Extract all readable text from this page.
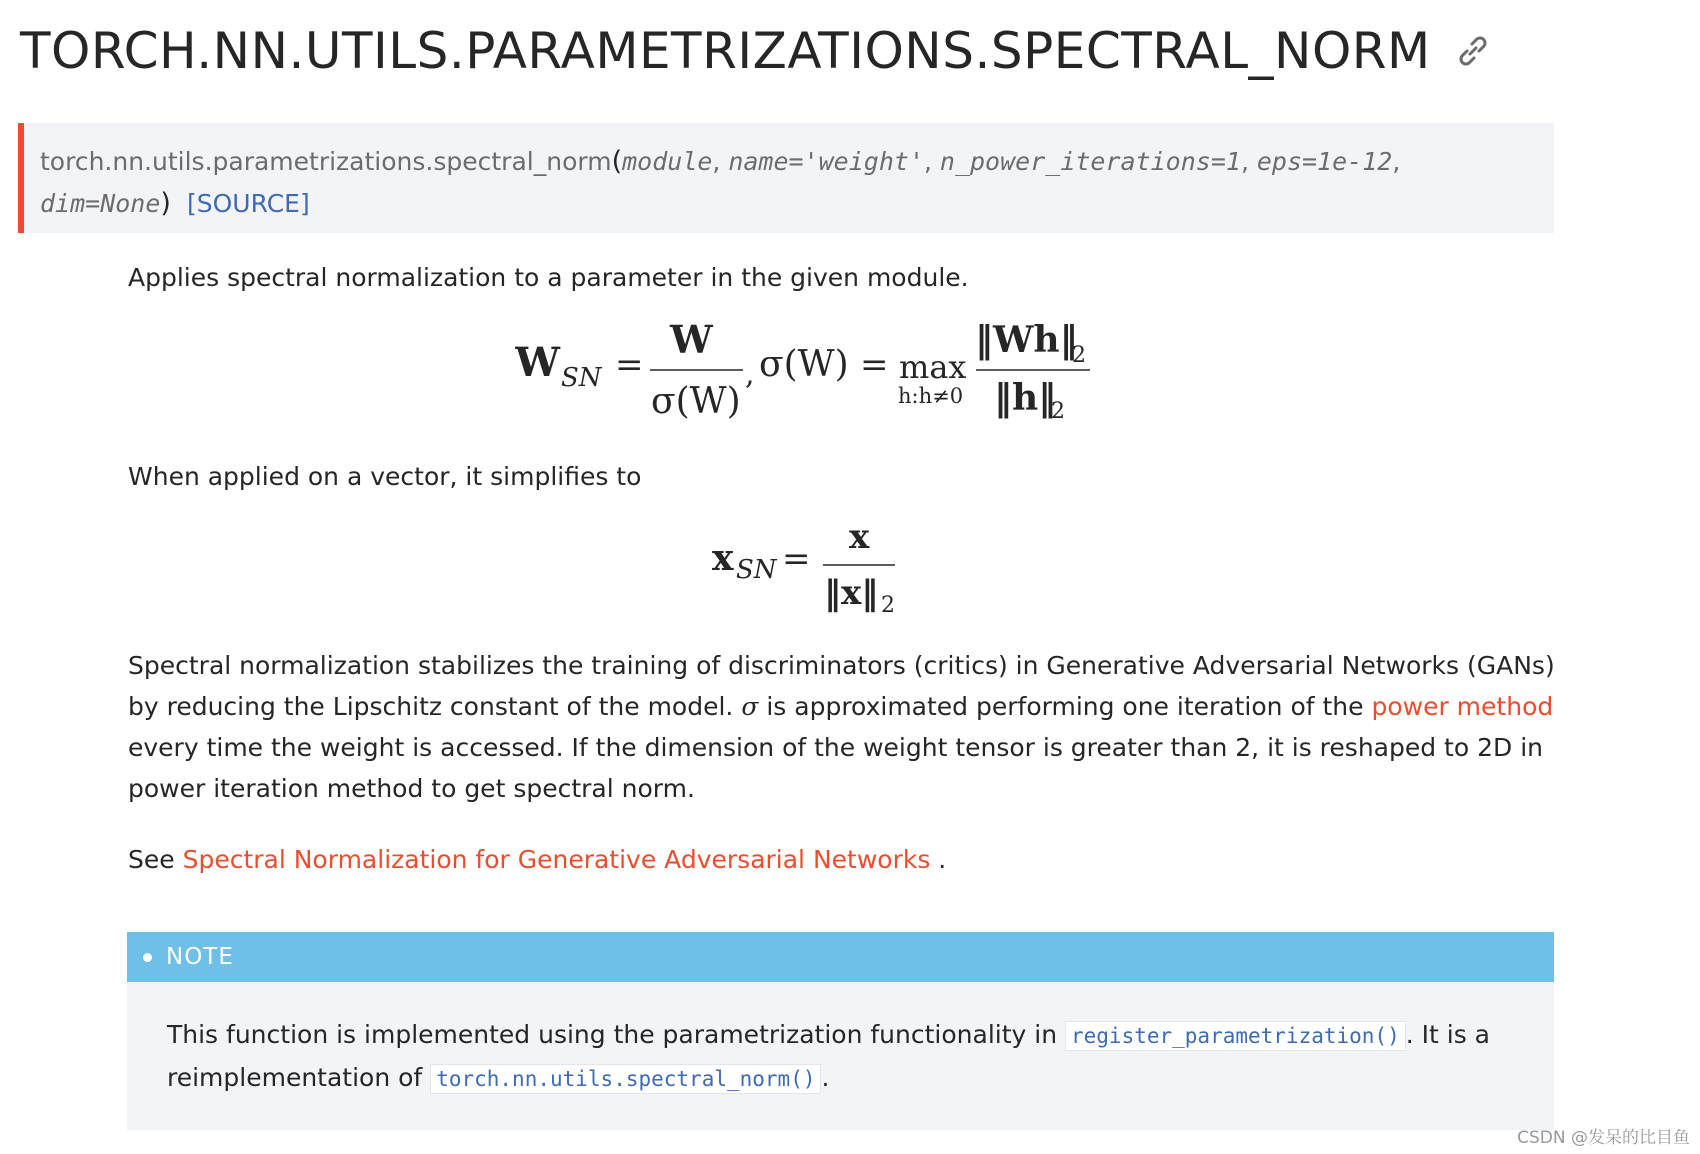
TORCH.NN.UTILS.PARAMETRIZATIONS.SPECTRAL_NORM
torch.nn.utils.parametrizations.spectral_norm(module, name='weight', n_power_iterations=1, eps=1e-12,
dim=None) [SOURCE]

Applies spectral normalization to a parameter in the given module.

W SN =
W
σ(W)
, σ(W) = max
h:h≠0
‖Wh‖
2
‖h‖
2

When applied on a vector, it simplifies to

x SN =
x
‖x‖ 2

Spectral normalization stabilizes the training of discriminators (critics) in Generative Adversarial Networks (GANs) by reducing the Lipschitz constant of the model. σ is approximated performing one iteration of the power method every time the weight is accessed. If the dimension of the weight tensor is greater than 2, it is reshaped to 2D in power iteration method to get spectral norm.

See Spectral Normalization for Generative Adversarial Networks .

NOTE
This function is implemented using the parametrization functionality in register_parametrization() . It is a reimplementation of torch.nn.utils.spectral_norm() .
CSDN @发呆的比目鱼
